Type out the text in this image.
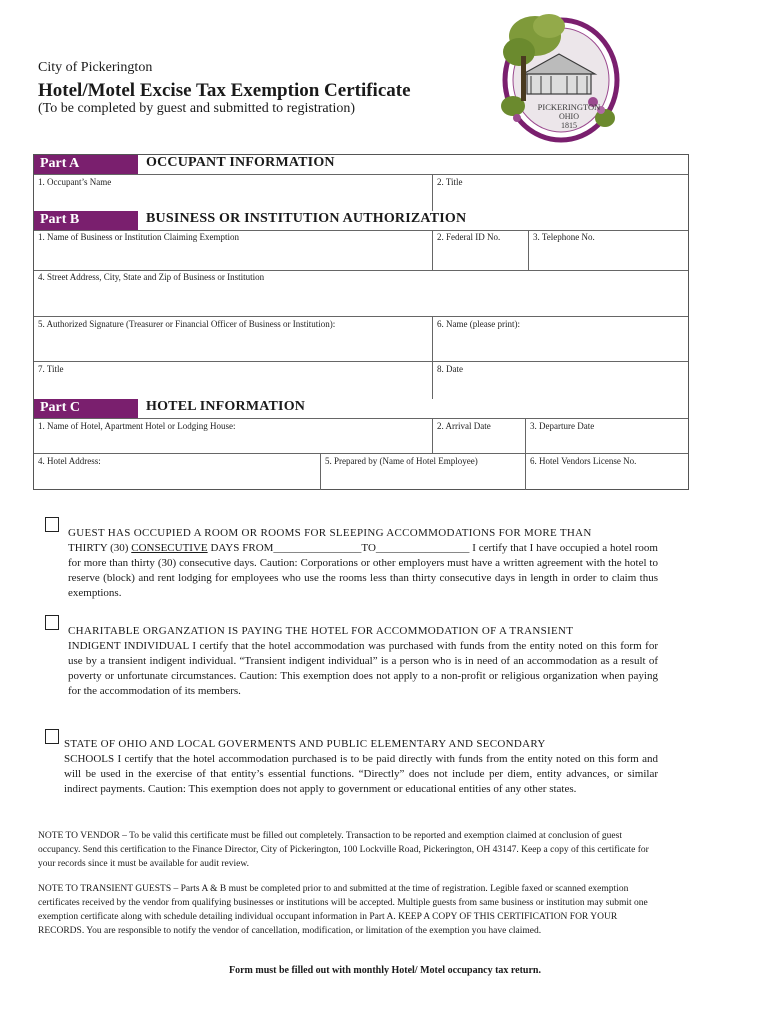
City of Pickerington
Hotel/Motel Excise Tax Exemption Certificate
(To be completed by guest and submitted to registration)	PICKERINGTON
OHIO
1815
Part A	OCCUPANT INFORMATION
1. Occupant’s Name	2. Title
Part B	BUSINESS OR INSTITUTION AUTHORIZATION
1. Name of Business or Institution Claiming Exemption	2. Federal ID No.	3. Telephone No.
4. Street Address, City, State and Zip of Business or Institution
5. Authorized Signature (Treasurer or Financial Officer of Business or Institution):	6. Name (please print):
7. Title	8. Date
Part C	HOTEL INFORMATION
1. Name of Hotel, Apartment Hotel or Lodging House:	2. Arrival Date	3. Departure Date
4. Hotel Address:	5. Prepared by (Name of Hotel Employee)	6. Hotel Vendors License No.
GUEST HAS OCCUPIED A ROOM OR ROOMS FOR SLEEPING ACCOMMODATIONS FOR MORE THAN
THIRTY (30) CONSECUTIVE DAYS FROM________________TO_________________ I certify that I have occupied a hotel room for more than thirty (30) consecutive days. Caution: Corporations or other employers must have a written agreement with the hotel to reserve (block) and rent lodging for employees who use the rooms less than thirty consecutive days in length in order to claim thus exemptions.
CHARITABLE ORGANZATION IS PAYING THE HOTEL FOR ACCOMMODATION OF A TRANSIENT
INDIGENT INDIVIDUAL I certify that the hotel accommodation was purchased with funds from the entity noted on this form for use by a transient indigent individual. “Transient indigent individual” is a person who is in need of an accommodation as a result of poverty or unfortunate circumstances. Caution: This exemption does not apply to a non-profit or religious organization when paying for the accommodation of its members.
STATE OF OHIO AND LOCAL GOVERMENTS AND PUBLIC ELEMENTARY AND SECONDARY
SCHOOLS I certify that the hotel accommodation purchased is to be paid directly with funds from the entity noted on this form and will be used in the exercise of that entity’s essential functions. “Directly” does not include per diem, entity advances, or similar indirect payments. Caution: This exemption does not apply to government or educational entities of any other states.
NOTE TO VENDOR – To be valid this certificate must be filled out completely. Transaction to be reported and exemption claimed at conclusion of guest occupancy. Send this certification to the Finance Director, City of Pickerington, 100 Lockville Road, Pickerington, OH 43147. Keep a copy of this certificate for your records since it must be available for audit review.
NOTE TO TRANSIENT GUESTS – Parts A & B must be completed prior to and submitted at the time of registration. Legible faxed or scanned exemption certificates received by the vendor from qualifying businesses or institutions will be accepted. Multiple guests from same business or institution may submit one exemption certificate along with schedule detailing individual occupant information in Part A. KEEP A COPY OF THIS CERTIFICATION FOR YOUR RECORDS. You are responsible to notify the vendor of cancellation, modification, or limitation of the exemption you have claimed.
Form must be filled out with monthly Hotel/ Motel occupancy tax return.
